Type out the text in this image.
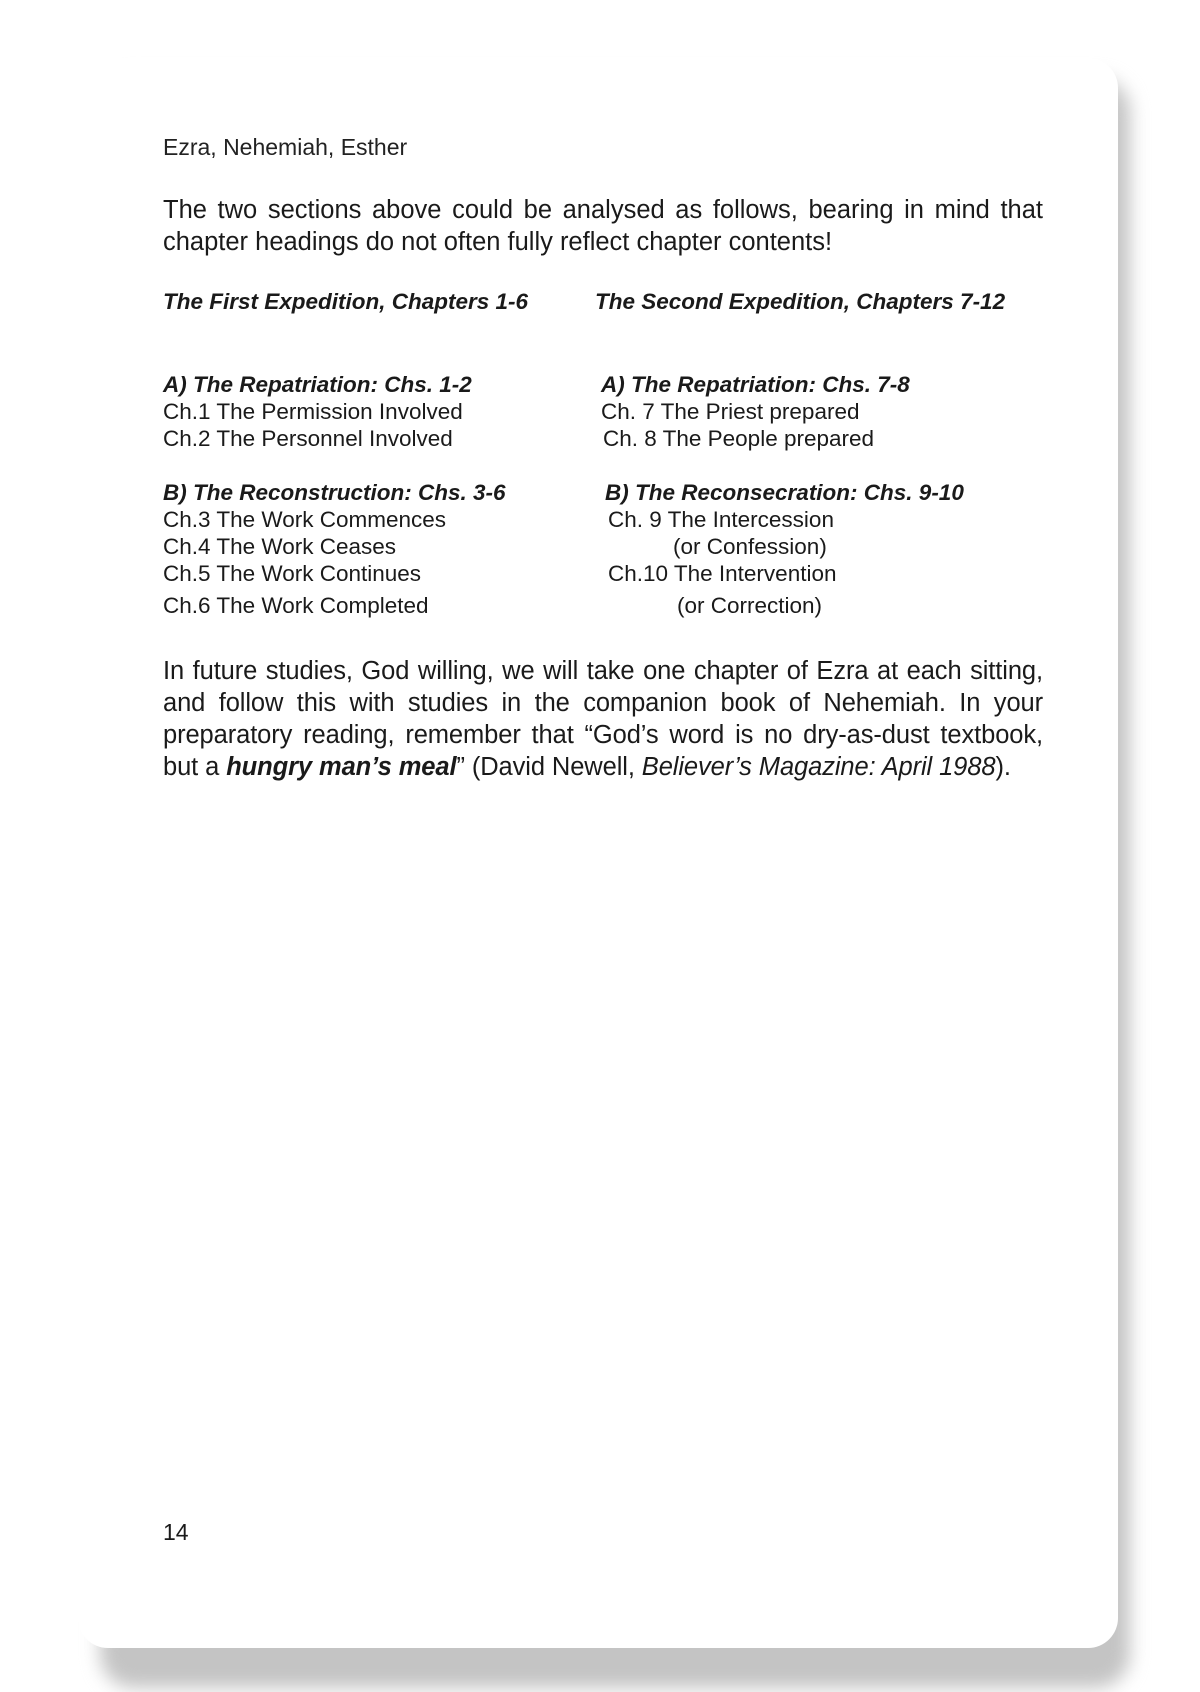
Ezra, Nehemiah, Esther

The two sections above could be analysed as follows, bearing in mind that chapter headings do not often fully reflect chapter contents!

The First Expedition, Chapters 1-6	The Second Expedition, Chapters 7-12
A) The Repatriation: Chs. 1-2
Ch.1 The Permission Involved
Ch.2 The Personnel Involved
A) The Repatriation: Chs. 7-8
Ch. 7 The Priest prepared
Ch. 8 The People prepared
B) The Reconstruction: Chs. 3-6
Ch.3 The Work Commences
Ch.4 The Work Ceases
Ch.5 The Work Continues
Ch.6 The Work Completed
B) The Reconsecration: Chs. 9-10
Ch. 9 The Intercession
(or Confession)
Ch.10 The Intervention
(or Correction)

In future studies, God willing, we will take one chapter of Ezra at each sitting, and follow this with studies in the companion book of Nehemiah. In your preparatory reading, remember that “God’s word is no dry-as-dust textbook, but a hungry man’s meal” (David Newell, Believer’s Magazine: April 1988).

14
